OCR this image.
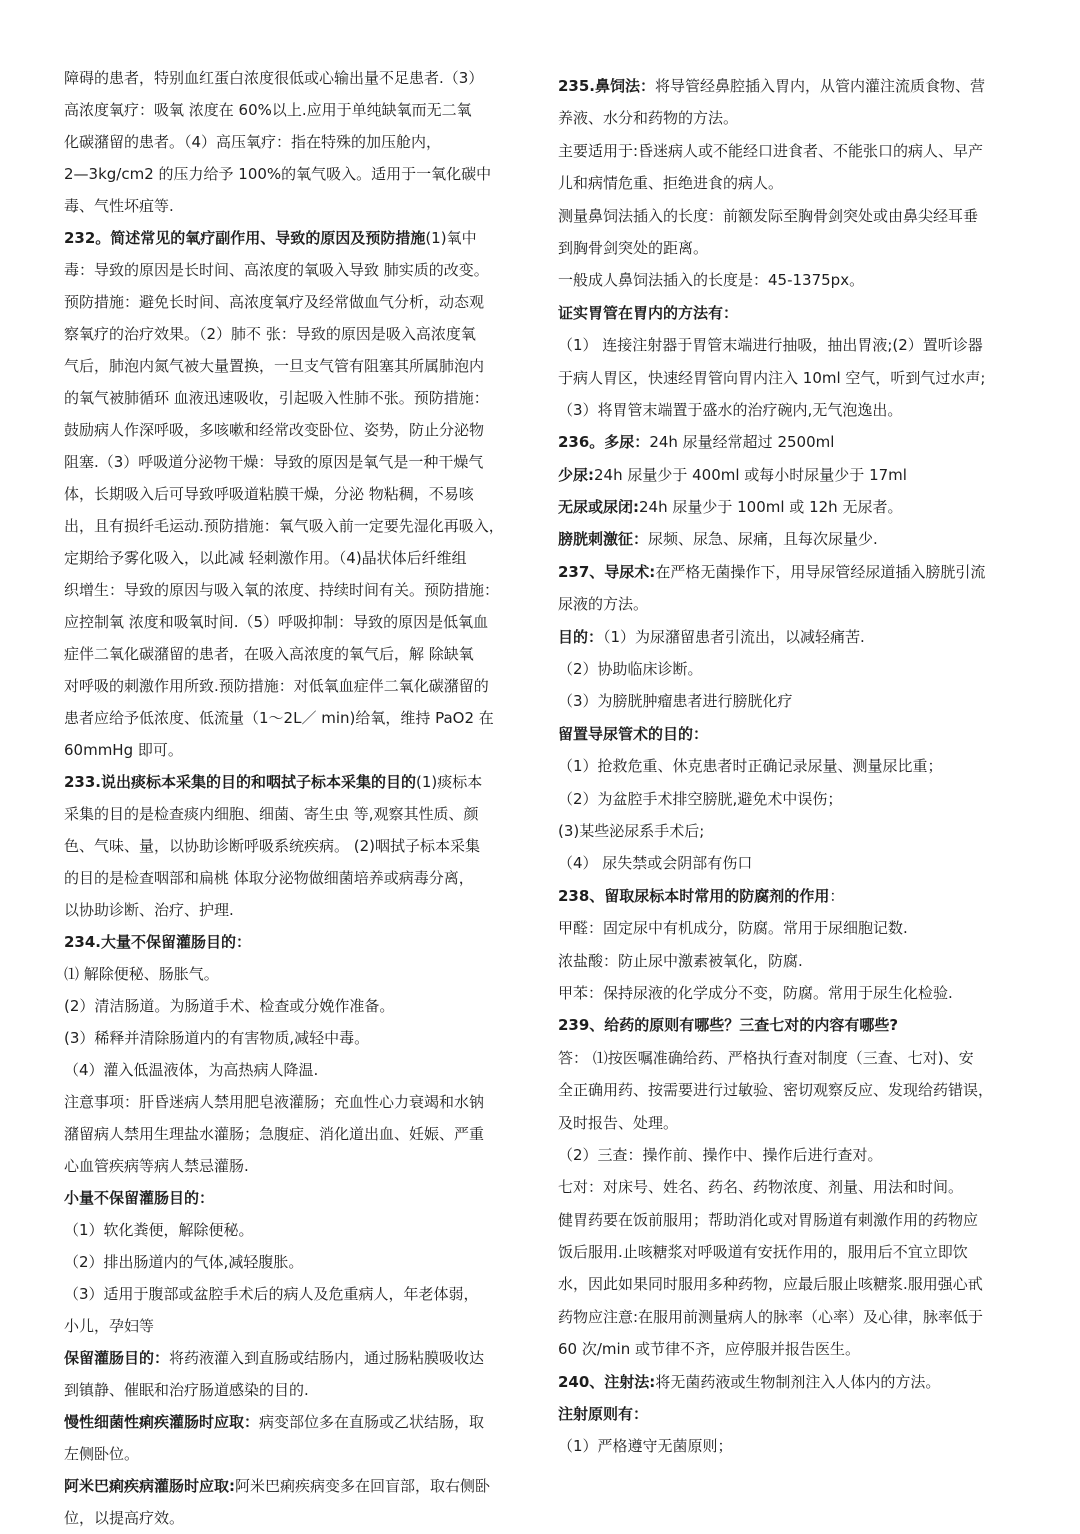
障碍的患者，特别血红蛋白浓度很低或心输出量不足患者.（3）
高浓度氧疗：吸氧 浓度在 60%以上.应用于单纯缺氧而无二氧
化碳潴留的患者。（4）高压氧疗：指在特殊的加压舱内，
2—3kg/cm2 的压力给予 100%的氧气吸入。适用于一氧化碳中
毒、气性坏疽等.
232。简述常见的氧疗副作用、导致的原因及预防措施(1)氧中
毒：导致的原因是长时间、高浓度的氧吸入导致 肺实质的改变。
预防措施：避免长时间、高浓度氧疗及经常做血气分析，动态观
察氧疗的治疗效果。（2）肺不 张：导致的原因是吸入高浓度氧
气后，肺泡内氮气被大量置换，一旦支气管有阻塞其所属肺泡内
的氧气被肺循环 血液迅速吸收，引起吸入性肺不张。预防措施：
鼓励病人作深呼吸，多咳嗽和经常改变卧位、姿势，防止分泌物
阻塞.（3）呼吸道分泌物干燥：导致的原因是氧气是一种干燥气
体，长期吸入后可导致呼吸道粘膜干燥，分泌 物粘稠，不易咳
出，且有损纤毛运动.预防措施：氧气吸入前一定要先湿化再吸入，
定期给予雾化吸入，以此减 轻刺激作用。（4)晶状体后纤维组
织增生：导致的原因与吸入氧的浓度、持续时间有关。预防措施：
应控制氧 浓度和吸氧时间.（5）呼吸抑制：导致的原因是低氧血
症伴二氧化碳潴留的患者，在吸入高浓度的氧气后，解 除缺氧
对呼吸的刺激作用所致.预防措施：对低氧血症伴二氧化碳潴留的
患者应给予低浓度、低流量（1～2L／ min)给氧，维持 PaO2 在
60mmHg 即可。
233.说出痰标本采集的目的和咽拭子标本采集的目的(1)痰标本
采集的目的是检查痰内细胞、细菌、寄生虫 等,观察其性质、颜
色、气味、量，以协助诊断呼吸系统疾病。 (2)咽拭子标本采集
的目的是检查咽部和扁桃 体取分泌物做细菌培养或病毒分离，
以协助诊断、治疗、护理.
234.大量不保留灌肠目的：
⑴ 解除便秘、肠胀气。
(2）清洁肠道。为肠道手术、检查或分娩作准备。
(3）稀释并清除肠道内的有害物质,减轻中毒。
（4）灌入低温液体，为高热病人降温.
注意事项：肝昏迷病人禁用肥皂液灌肠；充血性心力衰竭和水钠
潴留病人禁用生理盐水灌肠；急腹症、消化道出血、妊娠、严重
心血管疾病等病人禁忌灌肠.
小量不保留灌肠目的：
（1）软化粪便，解除便秘。
（2）排出肠道内的气体,减轻腹胀。
（3）适用于腹部或盆腔手术后的病人及危重病人，年老体弱，
小儿，孕妇等
保留灌肠目的：将药液灌入到直肠或结肠内，通过肠粘膜吸收达
到镇静、催眠和治疗肠道感染的目的.
慢性细菌性痢疾灌肠时应取：病变部位多在直肠或乙状结肠，取
左侧卧位。
阿米巴痢疾病灌肠时应取:阿米巴痢疾病变多在回盲部，取右侧卧
位，以提高疗效。
235.鼻饲法：将导管经鼻腔插入胃内，从管内灌注流质食物、营
养液、水分和药物的方法。
主要适用于:昏迷病人或不能经口进食者、不能张口的病人、早产
儿和病情危重、拒绝进食的病人。
测量鼻饲法插入的长度：前额发际至胸骨剑突处或由鼻尖经耳垂
到胸骨剑突处的距离。
一般成人鼻饲法插入的长度是：45-1375px。
证实胃管在胃内的方法有：
（1） 连接注射器于胃管末端进行抽吸，抽出胃液;(2）置听诊器
于病人胃区，快速经胃管向胃内注入 10ml 空气，听到气过水声;
（3）将胃管末端置于盛水的治疗碗内,无气泡逸出。
236。多尿：24h 尿量经常超过 2500ml
少尿:24h 尿量少于 400ml 或每小时尿量少于 17ml
无尿或尿闭:24h 尿量少于 100ml 或 12h 无尿者。
膀胱刺激征：尿频、尿急、尿痛，且每次尿量少.
237、导尿术:在严格无菌操作下，用导尿管经尿道插入膀胱引流
尿液的方法。
目的：（1）为尿潴留患者引流出，以减轻痛苦.
（2）协助临床诊断。
（3）为膀胱肿瘤患者进行膀胱化疗
留置导尿管术的目的：
（1）抢救危重、休克患者时正确记录尿量、测量尿比重；
（2）为盆腔手术排空膀胱,避免术中误伤；
(3)某些泌尿系手术后;
（4） 尿失禁或会阴部有伤口
238、留取尿标本时常用的防腐剂的作用：
甲醛：固定尿中有机成分，防腐。常用于尿细胞记数.
浓盐酸：防止尿中激素被氧化，防腐.
甲苯：保持尿液的化学成分不变，防腐。常用于尿生化检验.
239、给药的原则有哪些？三查七对的内容有哪些?
答： ⑴按医嘱准确给药、严格执行查对制度（三查、七对)、安
全正确用药、按需要进行过敏验、密切观察反应、发现给药错误，
及时报告、处理。
（2）三查：操作前、操作中、操作后进行查对。
七对：对床号、姓名、药名、药物浓度、剂量、用法和时间。
健胃药要在饭前服用；帮助消化或对胃肠道有刺激作用的药物应
饭后服用.止咳糖浆对呼吸道有安抚作用的，服用后不宜立即饮
水，因此如果同时服用多种药物，应最后服止咳糖浆.服用强心甙
药物应注意:在服用前测量病人的脉率（心率）及心律，脉率低于
60 次/min 或节律不齐，应停服并报告医生。
240、注射法:将无菌药液或生物制剂注入人体内的方法。
注射原则有：
（1）严格遵守无菌原则；
